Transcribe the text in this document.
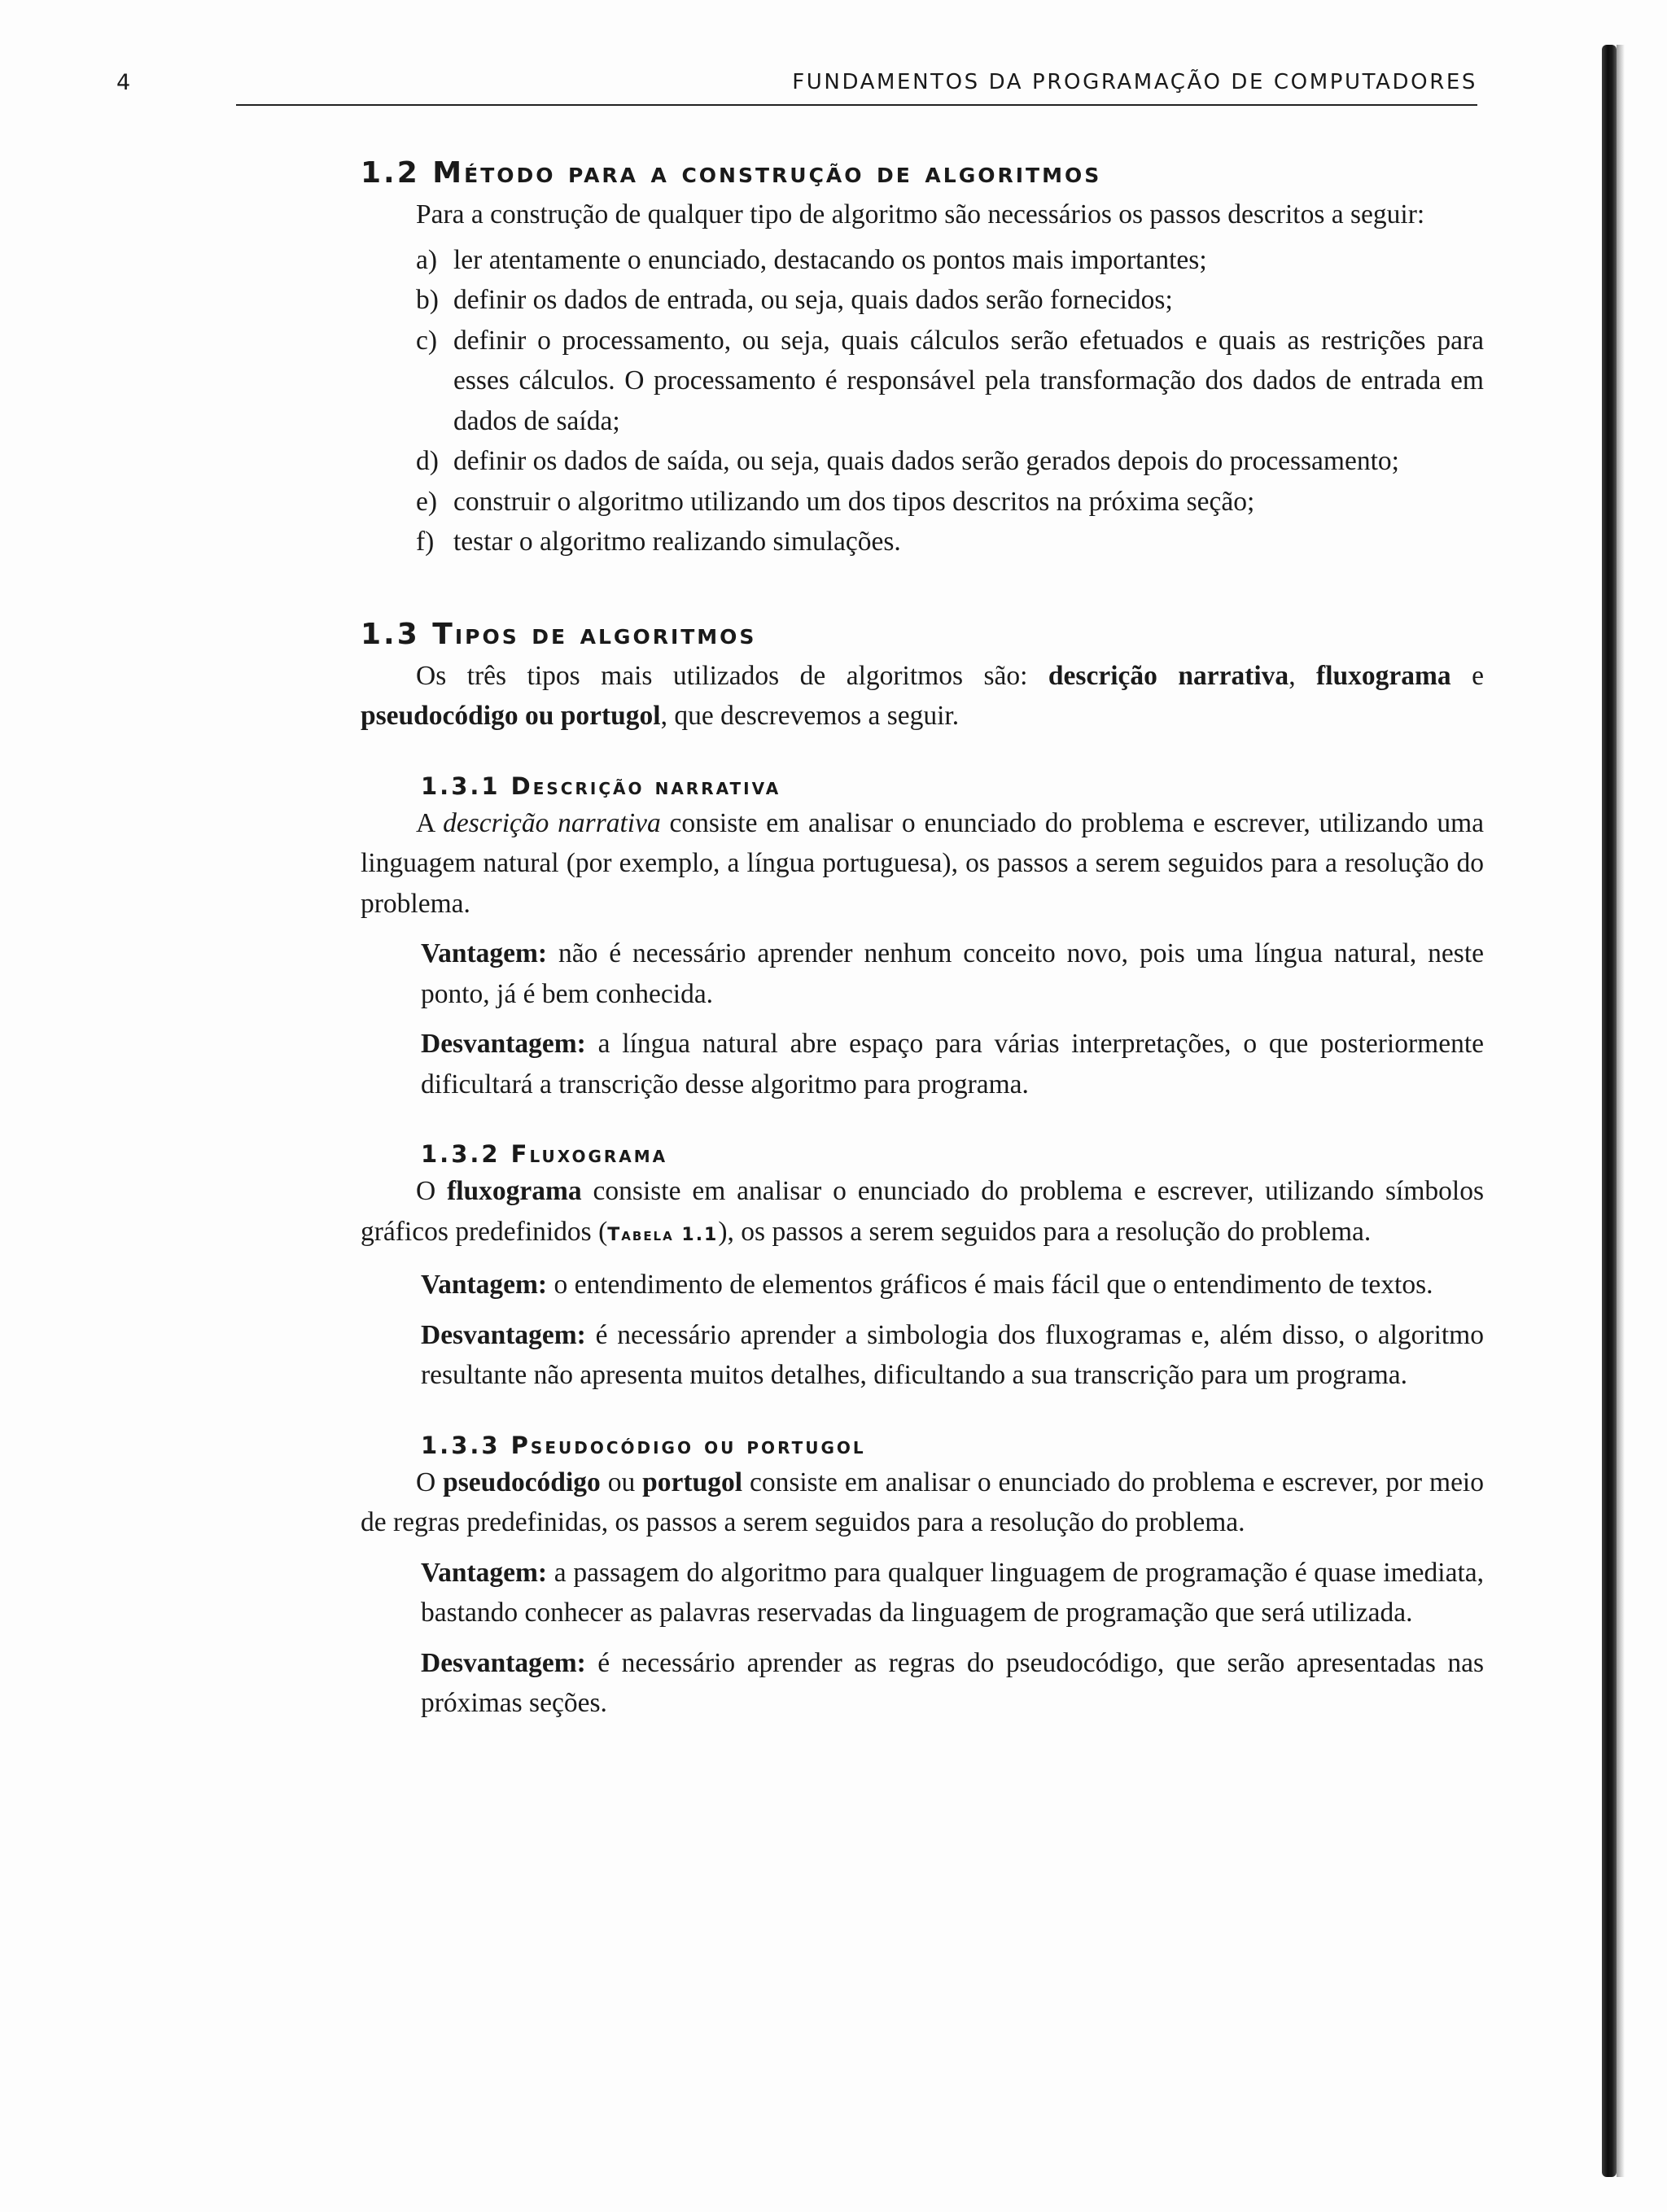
4	FUNDAMENTOS DA PROGRAMAÇÃO DE COMPUTADORES
1.2 Método para a construção de algoritmos

Para a construção de qualquer tipo de algoritmo são necessários os passos descritos a seguir:

a) ler atentamente o enunciado, destacando os pontos mais importantes;
b) definir os dados de entrada, ou seja, quais dados serão fornecidos;
c) definir o processamento, ou seja, quais cálculos serão efetuados e quais as restrições para esses cálculos. O processamento é responsável pela transformação dos dados de entrada em dados de saída;
d) definir os dados de saída, ou seja, quais dados serão gerados depois do processamento;
e) construir o algoritmo utilizando um dos tipos descritos na próxima seção;
f) testar o algoritmo realizando simulações.
1.3 Tipos de algoritmos

Os três tipos mais utilizados de algoritmos são: descrição narrativa, fluxograma e pseudocódigo ou portugol, que descrevemos a seguir.

1.3.1 Descrição narrativa

A descrição narrativa consiste em analisar o enunciado do problema e escrever, utilizando uma linguagem natural (por exemplo, a língua portuguesa), os passos a serem seguidos para a resolução do problema.

Vantagem: não é necessário aprender nenhum conceito novo, pois uma língua natural, neste ponto, já é bem conhecida.

Desvantagem: a língua natural abre espaço para várias interpretações, o que posteriormente dificultará a transcrição desse algoritmo para programa.

1.3.2 Fluxograma

O fluxograma consiste em analisar o enunciado do problema e escrever, utilizando símbolos gráficos predefinidos (Tabela 1.1), os passos a serem seguidos para a resolução do problema.

Vantagem: o entendimento de elementos gráficos é mais fácil que o entendimento de textos.

Desvantagem: é necessário aprender a simbologia dos fluxogramas e, além disso, o algoritmo resultante não apresenta muitos detalhes, dificultando a sua transcrição para um programa.

1.3.3 Pseudocódigo ou portugol

O pseudocódigo ou portugol consiste em analisar o enunciado do problema e escrever, por meio de regras predefinidas, os passos a serem seguidos para a resolução do problema.

Vantagem: a passagem do algoritmo para qualquer linguagem de programação é quase imediata, bastando conhecer as palavras reservadas da linguagem de programação que será utilizada.

Desvantagem: é necessário aprender as regras do pseudocódigo, que serão apresentadas nas próximas seções.
